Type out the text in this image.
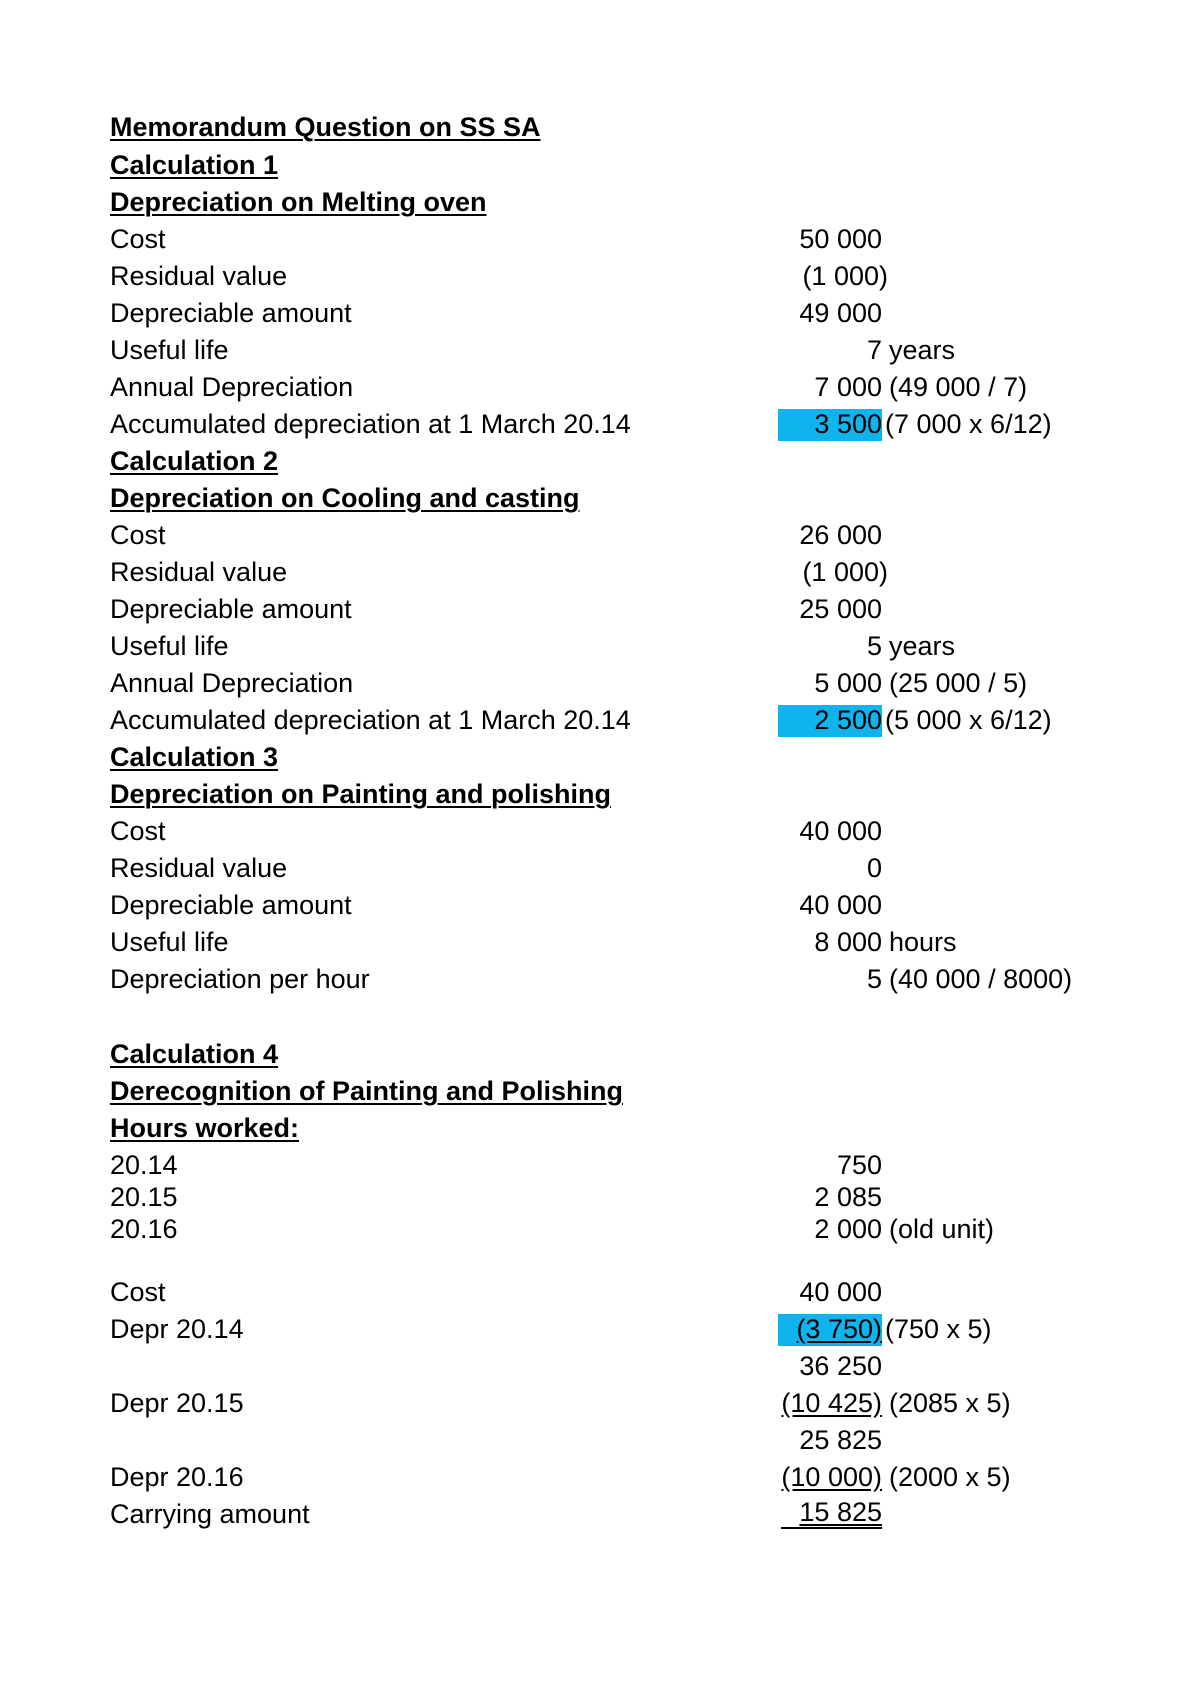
Memorandum Question on SS SA
Calculation 1
Depreciation on Melting oven
Cost	50 000
Residual value	(1 000)
Depreciable amount	49 000
Useful life	7 years
Annual Depreciation	7 000 (49 000 / 7)
Accumulated depreciation at 1 March 20.14	3 500 (7 000 x 6/12)
Calculation 2
Depreciation on Cooling and casting
Cost	26 000
Residual value	(1 000)
Depreciable amount	25 000
Useful life	5 years
Annual Depreciation	5 000 (25 000 / 5)
Accumulated depreciation at 1 March 20.14	2 500 (5 000 x 6/12)
Calculation 3
Depreciation on Painting and polishing
Cost	40 000
Residual value	0
Depreciable amount	40 000
Useful life	8 000 hours
Depreciation per hour	5 (40 000 / 8000)
Calculation 4
Derecognition of Painting and Polishing
Hours worked:
20.14	750
20.15	2 085
20.16	2 000 (old unit)
Cost	40 000
Depr 20.14	(3 750) (750 x 5)
36 250
Depr 20.15	(10 425) (2085 x 5)
25 825
Depr 20.16	(10 000) (2000 x 5)
Carrying amount	15 825
